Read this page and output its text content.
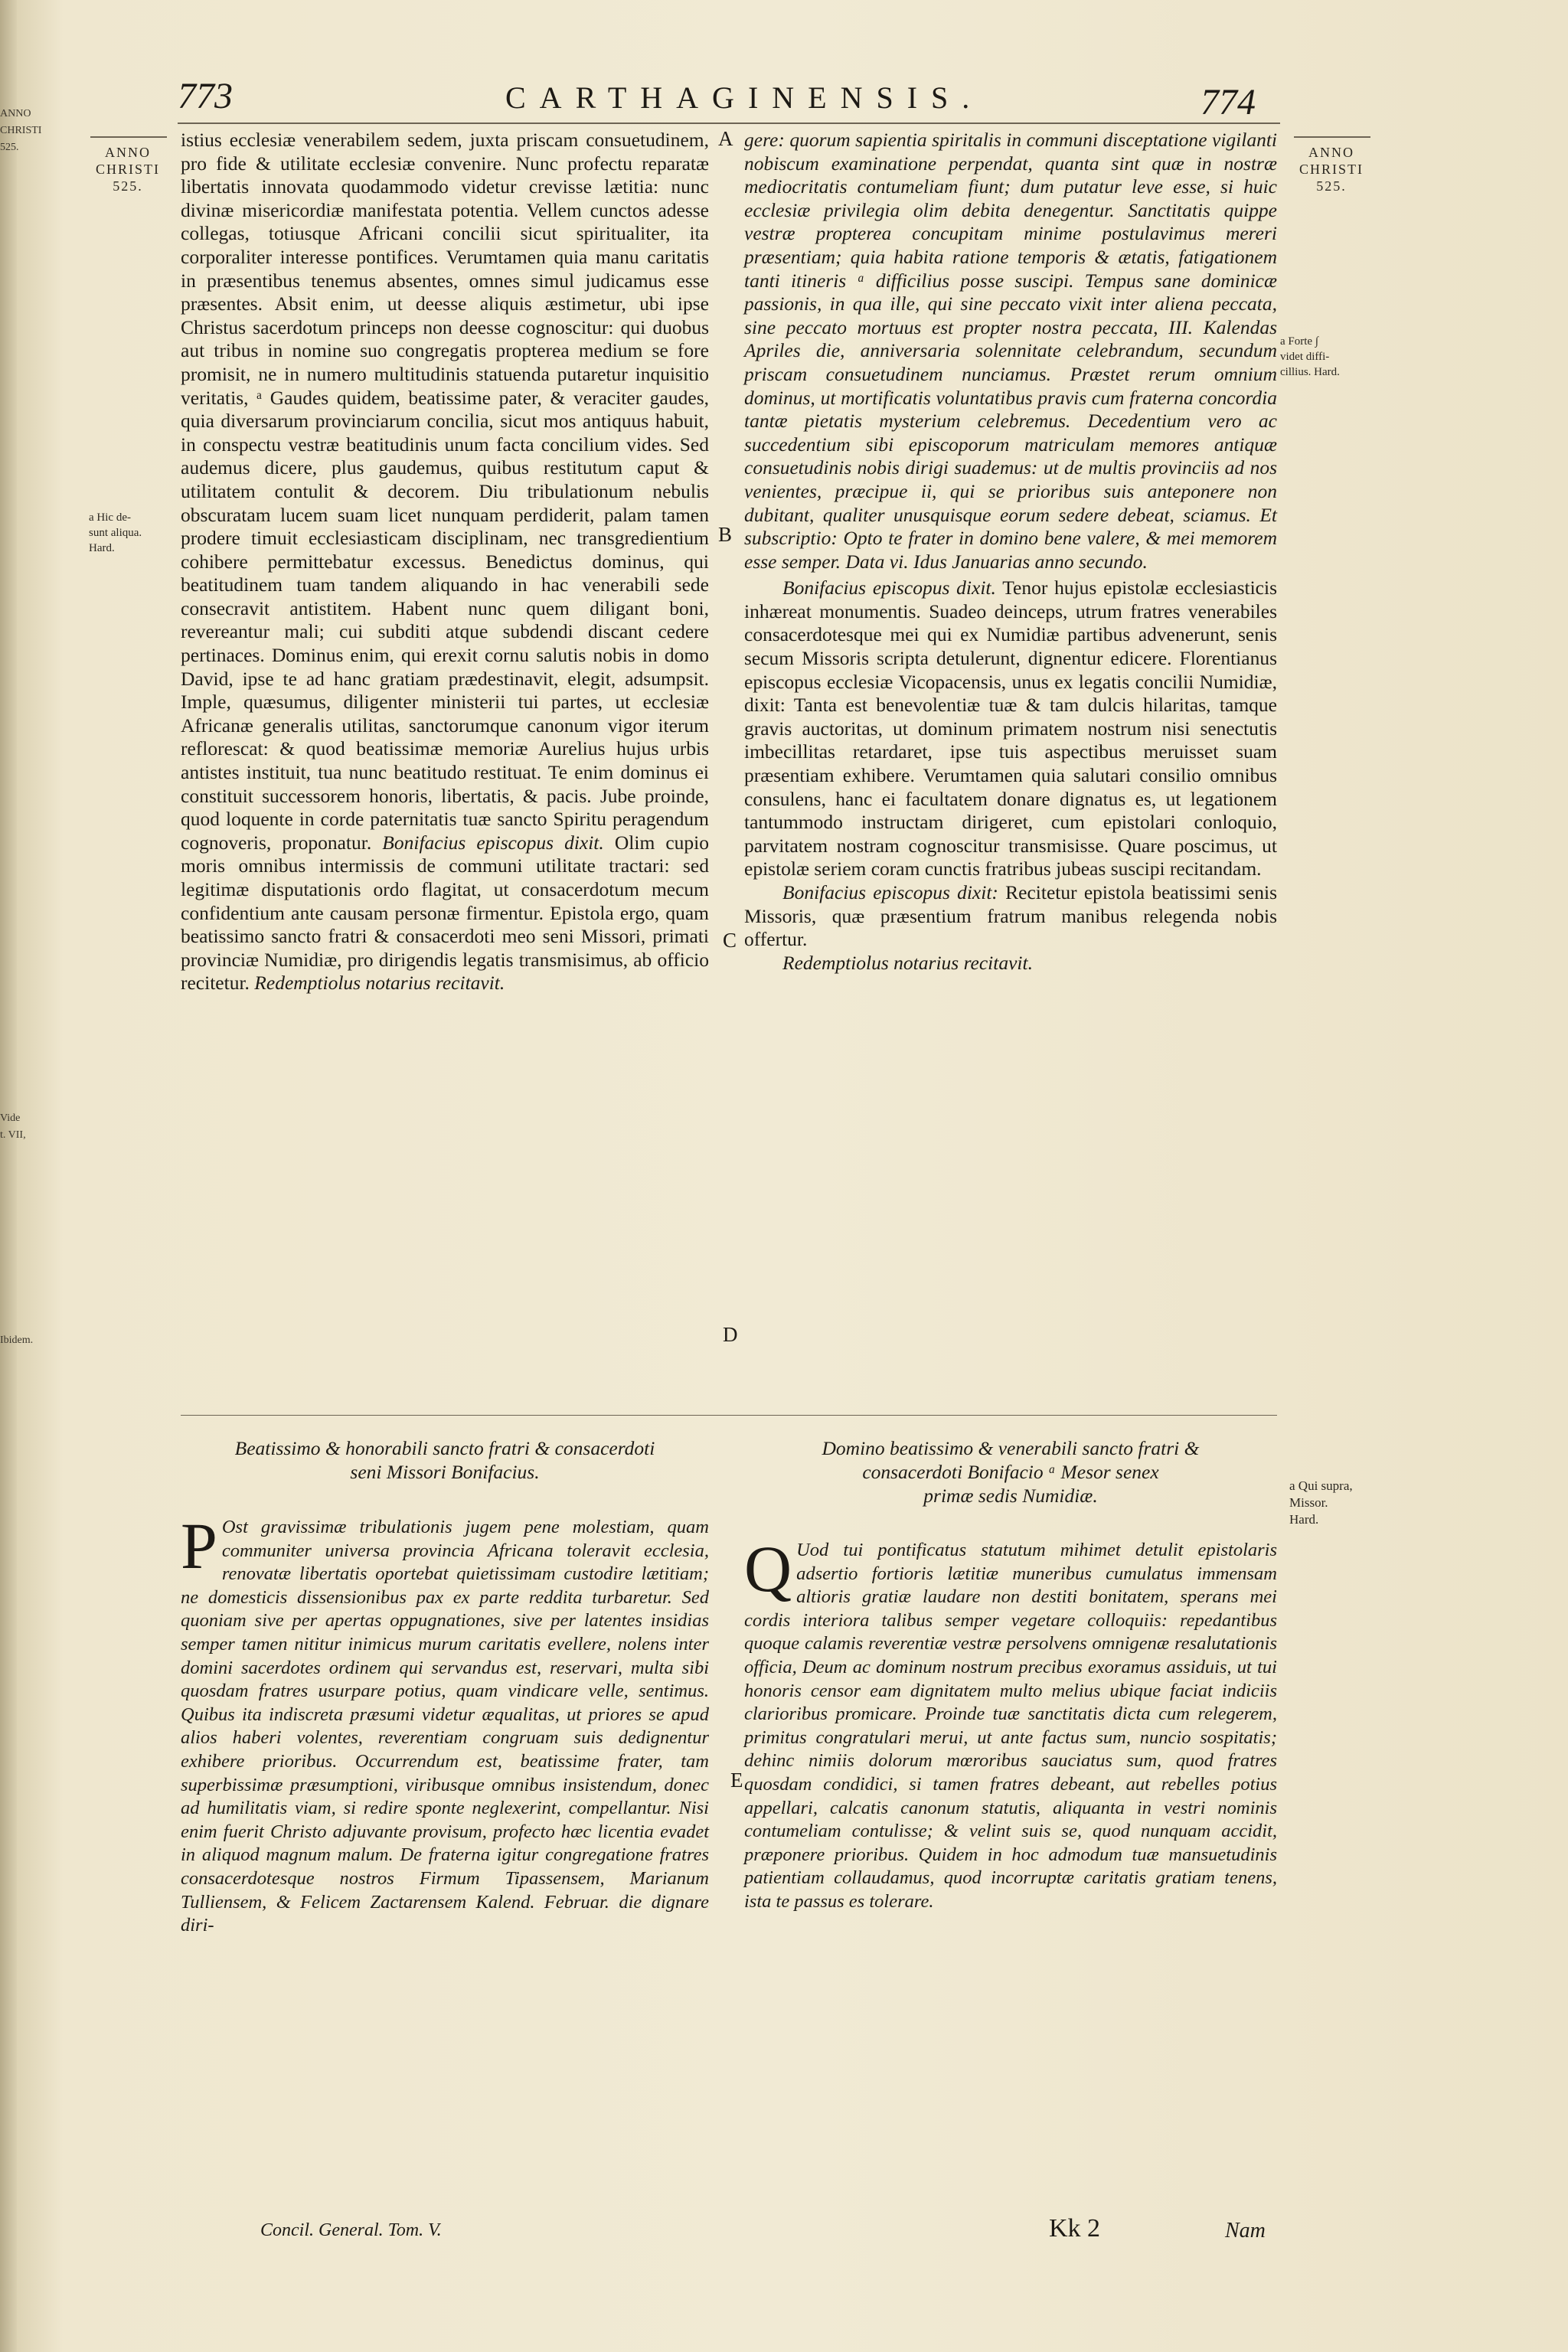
ANNO
CHRISTI
525.
Vide
t. VII,
Ibidem.
773	CARTHAGINENSIS.	774
ANNO
CHRISTI
525.
ANNO
CHRISTI
525.
a Hic de-
sunt aliqua.
Hard.
a Forte ∫
videt diffi-
cillius. Hard.
a Qui supra,
Missor.
Hard.
A
B
C
D
E

istius ecclesiæ venerabilem sedem, juxta priscam consuetudinem, pro fide & utilitate ecclesiæ convenire. Nunc profectu reparatæ libertatis innovata quodammodo videtur crevisse lætitia: nunc divinæ misericordiæ manifestata potentia. Vellem cunctos adesse collegas, totiusque Africani concilii sicut spiritualiter, ita corporaliter interesse pontifices. Verumtamen quia manu caritatis in præsentibus tenemus absentes, omnes simul judicamus esse præsentes. Absit enim, ut deesse aliquis æstimetur, ubi ipse Christus sacerdotum princeps non deesse cognoscitur: qui duobus aut tribus in nomine suo congregatis propterea medium se fore promisit, ne in numero multitudinis statuenda putaretur inquisitio veritatis, ᵃ Gaudes quidem, beatissime pater, & veraciter gaudes, quia diversarum provinciarum concilia, sicut mos antiquus habuit, in conspectu vestræ beatitudinis unum facta concilium vides. Sed audemus dicere, plus gaudemus, quibus restitutum caput & utilitatem contulit & decorem. Diu tribulationum nebulis obscuratam lucem suam licet nunquam perdiderit, palam tamen prodere timuit ecclesiasticam disciplinam, nec transgredientium cohibere permittebatur excessus. Benedictus dominus, qui beatitudinem tuam tandem aliquando in hac venerabili sede consecravit antistitem. Habent nunc quem diligant boni, revereantur mali; cui subditi atque subdendi discant cedere pertinaces. Dominus enim, qui erexit cornu salutis nobis in domo David, ipse te ad hanc gratiam prædestinavit, elegit, adsumpsit. Imple, quæsumus, diligenter ministerii tui partes, ut ecclesiæ Africanæ generalis utilitas, sanctorumque canonum vigor iterum reflorescat: & quod beatissimæ memoriæ Aurelius hujus urbis antistes instituit, tua nunc beatitudo restituat. Te enim dominus ei constituit successorem honoris, libertatis, & pacis. Jube proinde, quod loquente in corde paternitatis tuæ sancto Spiritu peragendum cognoveris, proponatur. Bonifacius episcopus dixit. Olim cupio moris omnibus intermissis de communi utilitate tractari: sed legitimæ disputationis ordo flagitat, ut consacerdotum mecum confidentium ante causam personæ firmentur. Epistola ergo, quam beatissimo sancto fratri & consacerdoti meo seni Missori, primati provinciæ Numidiæ, pro dirigendis legatis transmisimus, ab officio recitetur. Redemptiolus notarius recitavit.

gere: quorum sapientia spiritalis in communi disceptatione vigilanti nobiscum examinatione perpendat, quanta sint quæ in nostræ mediocritatis contumeliam fiunt; dum putatur leve esse, si huic ecclesiæ privilegia olim debita denegentur. Sanctitatis quippe vestræ propterea concupitam minime postulavimus mereri præsentiam; quia habita ratione temporis & ætatis, fatigationem tanti itineris ᵃ difficilius posse suscipi. Tempus sane dominicæ passionis, in qua ille, qui sine peccato vixit inter aliena peccata, sine peccato mortuus est propter nostra peccata, III. Kalendas Apriles die, anniversaria solennitate celebrandum, secundum priscam consuetudinem nunciamus. Præstet rerum omnium dominus, ut mortificatis voluntatibus pravis cum fraterna concordia tantæ pietatis mysterium celebremus. Decedentium vero ac succedentium sibi episcoporum matriculam memores antiquæ consuetudinis nobis dirigi suademus: ut de multis provinciis ad nos venientes, præcipue ii, qui se prioribus suis anteponere non dubitant, qualiter unusquisque eorum sedere debeat, sciamus. Et subscriptio: Opto te frater in domino bene valere, & mei memorem esse semper. Data vi. Idus Januarias anno secundo.

Bonifacius episcopus dixit. Tenor hujus epistolæ ecclesiasticis inhæreat monumentis. Suadeo deinceps, utrum fratres venerabiles consacerdotesque mei qui ex Numidiæ partibus advenerunt, senis secum Missoris scripta detulerunt, dignentur edicere. Florentianus episcopus ecclesiæ Vicopacensis, unus ex legatis concilii Numidiæ, dixit: Tanta est benevolentiæ tuæ & tam dulcis hilaritas, tamque gravis auctoritas, ut dominum primatem nostrum nisi senectutis imbecillitas retardaret, ipse tuis aspectibus meruisset suam præsentiam exhibere. Verumtamen quia salutari consilio omnibus consulens, hanc ei facultatem donare dignatus es, ut legationem tantummodo instructam dirigeret, cum epistolari conloquio, parvitatem nostram cognoscitur transmisisse. Quare poscimus, ut epistolæ seriem coram cunctis fratribus jubeas suscipi recitandam.

Bonifacius episcopus dixit: Recitetur epistola beatissimi senis Missoris, quæ præsentium fratrum manibus relegenda nobis offertur.

Redemptiolus notarius recitavit.

Beatissimo & honorabili sancto fratri & consacerdoti
seni Missori Bonifacius.
Domino beatissimo & venerabili sancto fratri &
consacerdoti Bonifacio ᵃ Mesor senex
primæ sedis Numidiæ.
P Ost gravissimæ tribulationis jugem pene molestiam, quam communiter universa provincia Africana toleravit ecclesia, renovatæ libertatis oportebat quietissimam custodire lætitiam; ne domesticis dissensionibus pax ex parte reddita turbaretur. Sed quoniam sive per apertas oppugnationes, sive per latentes insidias semper tamen nititur inimicus murum caritatis evellere, nolens inter domini sacerdotes ordinem qui servandus est, reservari, multa sibi quosdam fratres usurpare potius, quam vindicare velle, sentimus. Quibus ita indiscreta præsumi videtur æqualitas, ut priores se apud alios haberi volentes, reverentiam congruam suis dedignentur exhibere prioribus. Occurrendum est, beatissime frater, tam superbissimæ præsumptioni, viribusque omnibus insistendum, donec ad humilitatis viam, si redire sponte neglexerint, compellantur. Nisi enim fuerit Christo adjuvante provisum, profecto hæc licentia evadet in aliquod magnum malum. De fraterna igitur congregatione fratres consacerdotesque nostros Firmum Tipassensem, Marianum Tulliensem, & Felicem Zactarensem Kalend. Februar. die dignare diri-
Q Uod tui pontificatus statutum mihimet detulit epistolaris adsertio fortioris lætitiæ muneribus cumulatus immensam altioris gratiæ laudare non destiti bonitatem, sperans mei cordis interiora talibus semper vegetare colloquiis: repedantibus quoque calamis reverentiæ vestræ persolvens omnigenæ resalutationis officia, Deum ac dominum nostrum precibus exoramus assiduis, ut tui honoris censor eam dignitatem multo melius ubique faciat indiciis clarioribus promicare. Proinde tuæ sanctitatis dicta cum relegerem, primitus congratulari merui, ut ante factus sum, nuncio sospitatis; dehinc nimiis dolorum mœroribus sauciatus sum, quod fratres quosdam condidici, si tamen fratres debeant, aut rebelles potius appellari, calcatis canonum statutis, aliquanta in vestri nominis contumeliam contulisse; & velint suis se, quod nunquam accidit, præponere prioribus. Quidem in hoc admodum tuæ mansuetudinis patientiam collaudamus, quod incorruptæ caritatis gratiam tenens, ista te passus es tolerare.
Concil. General. Tom. V.	Kk 2	Nam
